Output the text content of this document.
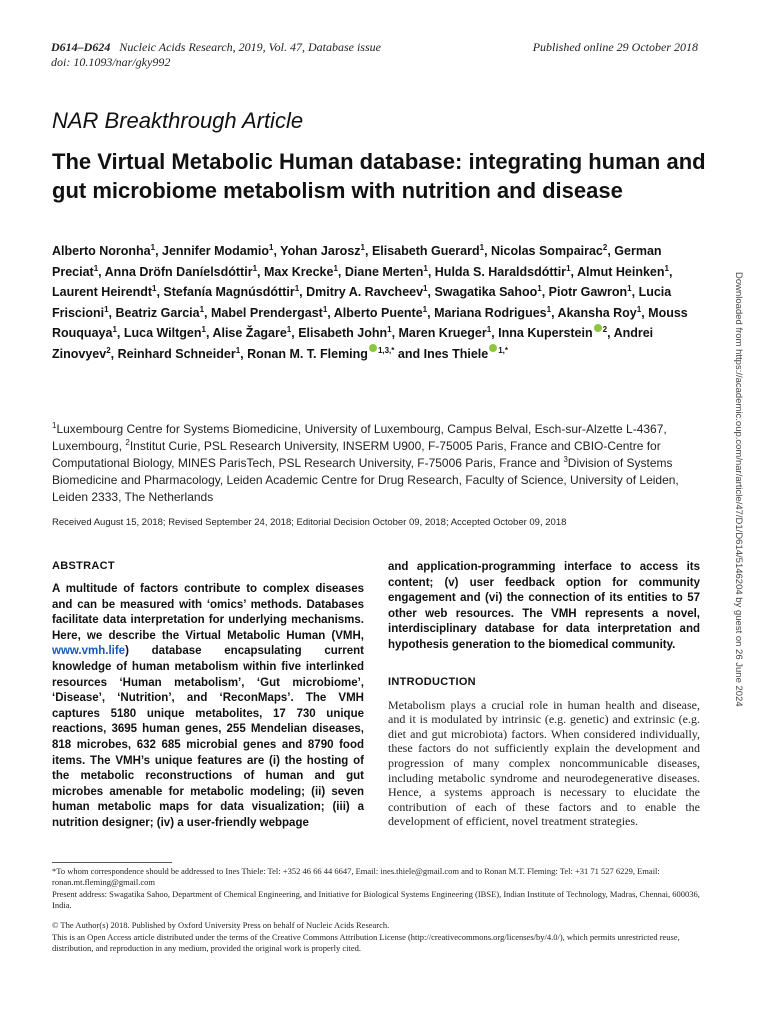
D614–D624 Nucleic Acids Research, 2019, Vol. 47, Database issue
doi: 10.1093/nar/gky992
Published online 29 October 2018
NAR Breakthrough Article
The Virtual Metabolic Human database: integrating human and gut microbiome metabolism with nutrition and disease
Alberto Noronha$^1$, Jennifer Modamio$^1$, Yohan Jarosz$^1$, Elisabeth Guerard$^1$, Nicolas Sompairac$^2$, German Preciat$^1$, Anna Dröfn Daníelsdóttir$^1$, Max Krecke$^1$, Diane Merten$^1$, Hulda S. Haraldsdóttir$^1$, Almut Heinken$^1$, Laurent Heirendt$^1$, Stefanía Magnúsdóttir$^1$, Dmitry A. Ravcheev$^1$, Swagatika Sahoo$^1$, Piotr Gawron$^1$, Lucia Friscioni$^1$, Beatriz Garcia$^1$, Mabel Prendergast$^1$, Alberto Puente$^1$, Mariana Rodrigues$^1$, Akansha Roy$^1$, Mouss Rouquaya$^1$, Luca Wiltgen$^1$, Alise Žagare$^1$, Elisabeth John$^1$, Maren Krueger$^1$, Inna Kuperstein $^2$, Andrei Zinovyev$^2$, Reinhard Schneider$^1$, Ronan M. T. Fleming $^{1,3,*}$ and Ines Thiele $^{1,*}$
$^1$Luxembourg Centre for Systems Biomedicine, University of Luxembourg, Campus Belval, Esch-sur-Alzette L-4367, Luxembourg, $^2$Institut Curie, PSL Research University, INSERM U900, F-75005 Paris, France and CBIO-Centre for Computational Biology, MINES ParisTech, PSL Research University, F-75006 Paris, France and $^3$Division of Systems Biomedicine and Pharmacology, Leiden Academic Centre for Drug Research, Faculty of Science, University of Leiden, Leiden 2333, The Netherlands
Received August 15, 2018; Revised September 24, 2018; Editorial Decision October 09, 2018; Accepted October 09, 2018
ABSTRACT

A multitude of factors contribute to complex diseases and can be measured with ‘omics’ methods. Databases facilitate data interpretation for underlying mechanisms. Here, we describe the Virtual Metabolic Human (VMH, www.vmh.life) database encapsulating current knowledge of human metabolism within five interlinked resources ‘Human metabolism’, ‘Gut microbiome’, ‘Disease’, ‘Nutrition’, and ‘ReconMaps’. The VMH captures 5180 unique metabolites, 17 730 unique reactions, 3695 human genes, 255 Mendelian diseases, 818 microbes, 632 685 microbial genes and 8790 food items. The VMH’s unique features are (i) the hosting of the metabolic reconstructions of human and gut microbes amenable for metabolic modeling; (ii) seven human metabolic maps for data visualization; (iii) a nutrition designer; (iv) a user-friendly webpage

and application-programming interface to access its content; (v) user feedback option for community engagement and (vi) the connection of its entities to 57 other web resources. The VMH represents a novel, interdisciplinary database for data interpretation and hypothesis generation to the biomedical community.

INTRODUCTION

Metabolism plays a crucial role in human health and disease, and it is modulated by intrinsic (e.g. genetic) and extrinsic (e.g. diet and gut microbiota) factors. When considered individually, these factors do not sufficiently explain the development and progression of many complex noncommunicable diseases, including metabolic syndrome and neurodegenerative diseases. Hence, a systems approach is necessary to elucidate the contribution of each of these factors and to enable the development of efficient, novel treatment strategies.

*To whom correspondence should be addressed to Ines Thiele: Tel: +352 46 66 44 6647, Email: ines.thiele@gmail.com and to Ronan M.T. Fleming: Tel: +31 71 527 6229, Email: ronan.mt.fleming@gmail.com

Present address: Swagatika Sahoo, Department of Chemical Engineering, and Initiative for Biological Systems Engineering (IBSE), Indian Institute of Technology, Madras, Chennai, 600036, India.

© The Author(s) 2018. Published by Oxford University Press on behalf of Nucleic Acids Research.

This is an Open Access article distributed under the terms of the Creative Commons Attribution License (http://creativecommons.org/licenses/by/4.0/), which permits unrestricted reuse, distribution, and reproduction in any medium, provided the original work is properly cited.

Downloaded from https://academic.oup.com/nar/article/47/D1/D614/5146204 by guest on 26 June 2024
